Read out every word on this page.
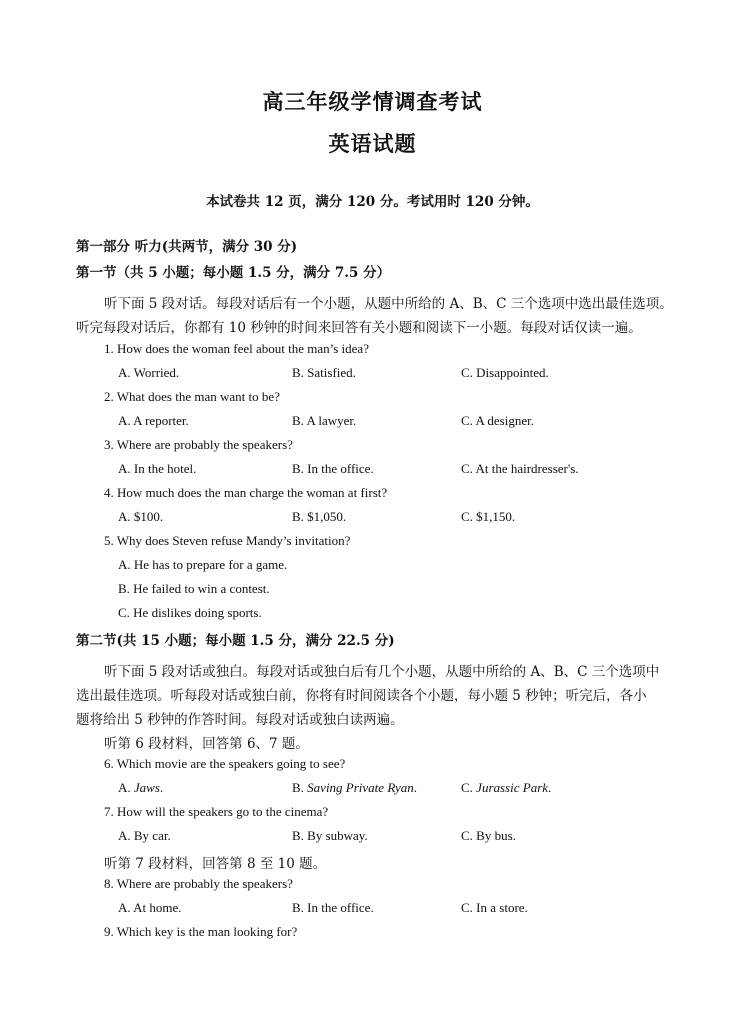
高三年级学情调查考试
英语试题
本试卷共 12 页，满分 120 分。考试用时 120 分钟。
第一部分 听力(共两节，满分 30 分)
第一节（共 5 小题；每小题 1.5 分，满分 7.5 分）
听下面 5 段对话。每段对话后有一个小题，从题中所给的 A、B、C 三个选项中选出最佳选项。
听完每段对话后，你都有 10 秒钟的时间来回答有关小题和阅读下一小题。每段对话仅读一遍。
1. How does the woman feel about the man’s idea?
A. Worried.	B. Satisfied.	C. Disappointed.
2. What does the man want to be?
A. A reporter.	B. A lawyer.	C. A designer.
3. Where are probably the speakers?
A. In the hotel.	B. In the office.	C. At the hairdresser's.
4. How much does the man charge the woman at first?
A. $100.	B. $1,050.	C. $1,150.
5. Why does Steven refuse Mandy’s invitation?
A. He has to prepare for a game.
B. He failed to win a contest.
C. He dislikes doing sports.
第二节(共 15 小题；每小题 1.5 分，满分 22.5 分)
听下面 5 段对话或独白。每段对话或独白后有几个小题，从题中所给的 A、B、C 三个选项中
选出最佳选项。听每段对话或独白前，你将有时间阅读各个小题，每小题 5 秒钟；听完后，各小
题将给出 5 秒钟的作答时间。每段对话或独白读两遍。
听第 6 段材料，回答第 6、7 题。
6. Which movie are the speakers going to see?
A. Jaws.	B. Saving Private Ryan.	C. Jurassic Park.
7. How will the speakers go to the cinema?
A. By car.	B. By subway.	C. By bus.
听第 7 段材料，回答第 8 至 10 题。
8. Where are probably the speakers?
A. At home.	B. In the office.	C. In a store.
9. Which key is the man looking for?
